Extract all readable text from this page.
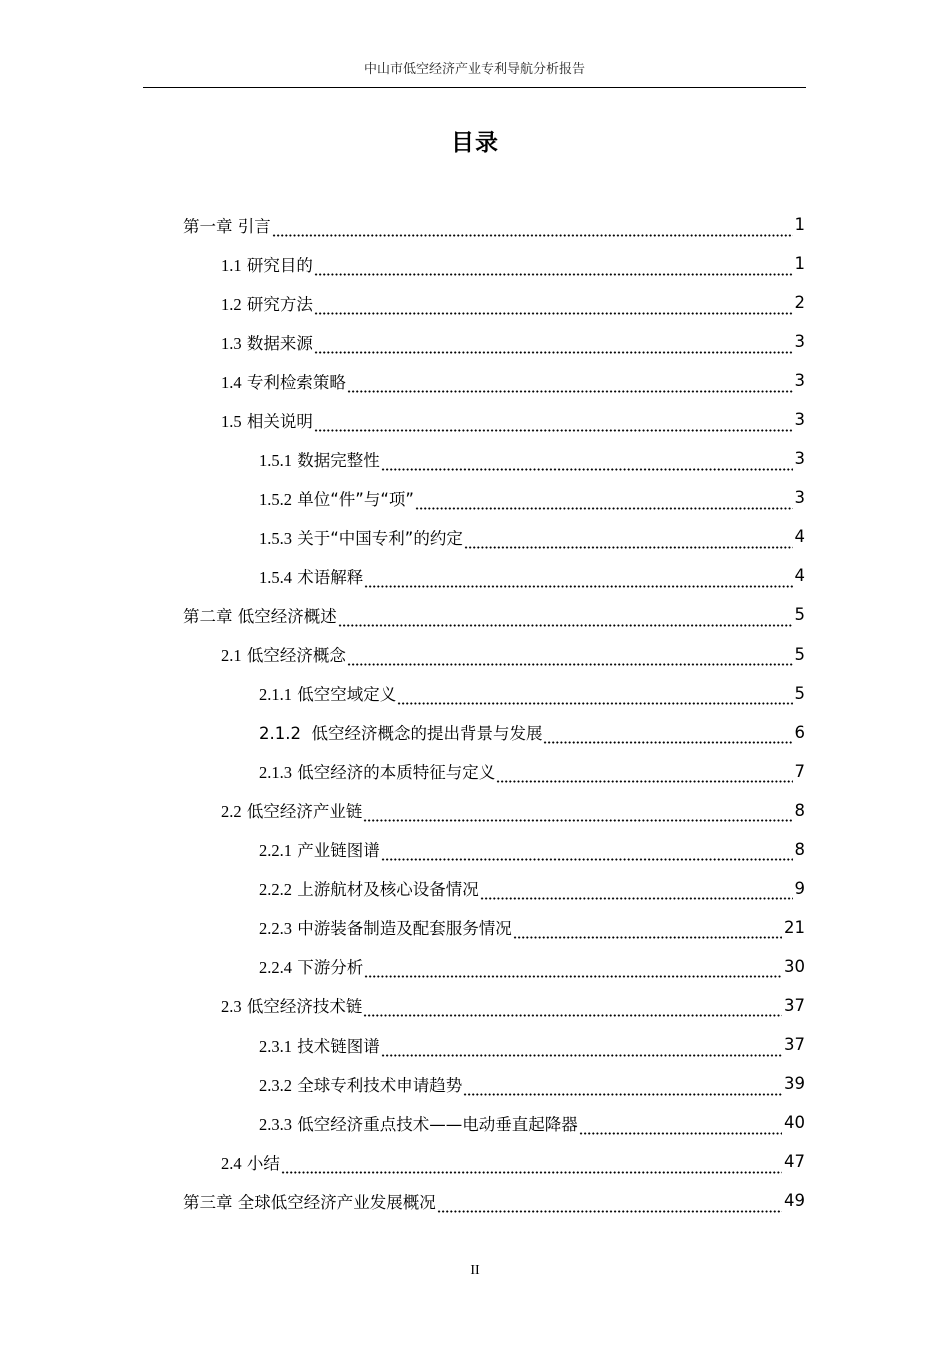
中山市低空经济产业专利导航分析报告
目录
第一章 引言	1
1.1 研究目的	1
1.2 研究方法	2
1.3 数据来源	3
1.4 专利检索策略	3
1.5 相关说明	3
1.5.1 数据完整性	3
1.5.2 单位“件”与“项”	3
1.5.3 关于“中国专利”的约定	4
1.5.4 术语解释	4
第二章 低空经济概述	5
2.1 低空经济概念	5
2.1.1 低空空域定义	5
2.1.2  低空经济概念的提出背景与发展	6
2.1.3 低空经济的本质特征与定义	7
2.2 低空经济产业链	8
2.2.1 产业链图谱	8
2.2.2 上游航材及核心设备情况	9
2.2.3 中游装备制造及配套服务情况	21
2.2.4 下游分析	30
2.3 低空经济技术链	37
2.3.1 技术链图谱	37
2.3.2 全球专利技术申请趋势	39
2.3.3 低空经济重点技术——电动垂直起降器	40
2.4 小结	47
第三章 全球低空经济产业发展概况	49
II
